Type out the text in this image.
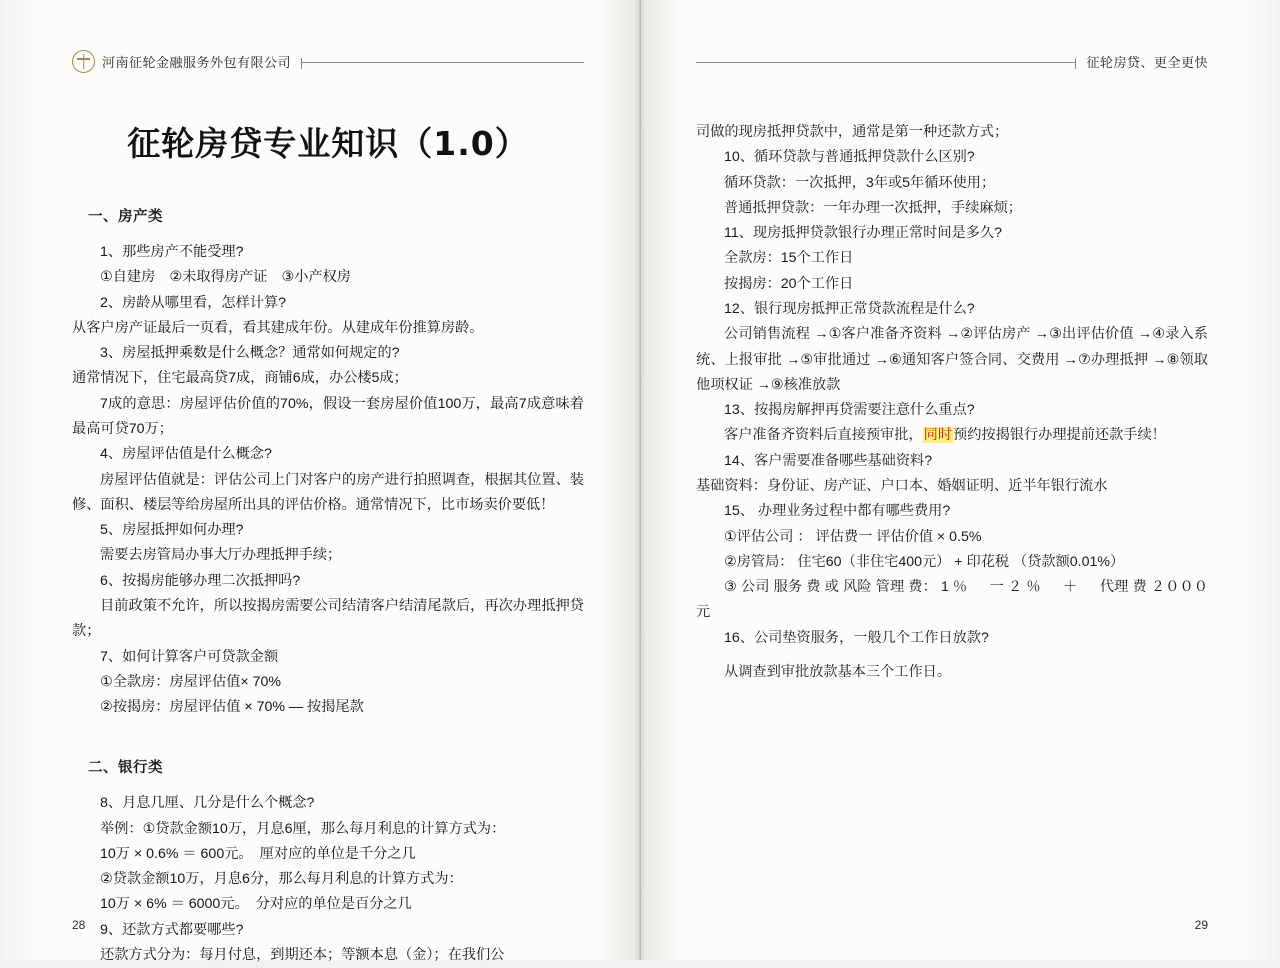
河南征轮金融服务外包有限公司
征轮房贷专业知识（1.0）
一、房产类

1、那些房产不能受理?

①自建房　②未取得房产证　③小产权房

2、房龄从哪里看，怎样计算?

从客户房产证最后一页看，看其建成年份。从建成年份推算房龄。

3、房屋抵押乘数是什么概念？通常如何规定的?

通常情况下，住宅最高贷7成，商铺6成，办公楼5成；

7成的意思：房屋评估价值的70%，假设一套房屋价值100万，最高7成意味着最高可贷70万；

4、房屋评估值是什么概念?

房屋评估值就是：评估公司上门对客户的房产进行拍照调查，根据其位置、装修、面积、楼层等给房屋所出具的评估价格。通常情况下，比市场卖价要低！

5、房屋抵押如何办理?

需要去房管局办事大厅办理抵押手续；

6、按揭房能够办理二次抵押吗?

目前政策不允许，所以按揭房需要公司结清客户结清尾款后，再次办理抵押贷款；

7、如何计算客户可贷款金额

①全款房：房屋评估值× 70%

②按揭房：房屋评估值 × 70% — 按揭尾款

二、银行类

8、月息几厘、几分是什么个概念?

举例：①贷款金额10万，月息6厘，那么每月利息的计算方式为：

10万 × 0.6% ＝ 600元。　厘对应的单位是千分之几

②贷款金额10万，月息6分，那么每月利息的计算方式为：

10万 × 6% ＝ 6000元。　分对应的单位是百分之几

9、还款方式都要哪些?

还款方式分为：每月付息，到期还本；等额本息（金）；在我们公

28
征轮房贷、更全更快

司做的现房抵押贷款中，通常是第一种还款方式；

10、循环贷款与普通抵押贷款什么区别?

循环贷款：一次抵押，3年或5年循环使用；

普通抵押贷款：一年办理一次抵押，手续麻烦；

11、现房抵押贷款银行办理正常时间是多久?

全款房：15个工作日

按揭房：20个工作日

12、银行现房抵押正常贷款流程是什么?

公司销售流程 →①客户准备齐资料 →②评估房产 →③出评估价值 →④录入系统、上报审批 →⑤审批通过 →⑥通知客户签合同、交费用 →⑦办理抵押 →⑧领取他项权证 →⑨核准放款

13、按揭房解押再贷需要注意什么重点?

客户准备齐资料后直接预审批，同时预约按揭银行办理提前还款手续！

14、客户需要准备哪些基础资料?

基础资料：身份证、房产证、户口本、婚姻证明、近半年银行流水

15、 办理业务过程中都有哪些费用?

①评估公司 ： 评估费一 评估价值 × 0.5%

②房管局： 住宅60（非住宅400元） + 印花税 （贷款额0.01%）

③ 公司 服务 费 或 风险 管理 费： 1 ％ 　 一 ２ ％ 　 ＋ 　 代理 费 ２０００元

16、公司垫资服务，一般几个工作日放款?

从调查到审批放款基本三个工作日。

29
